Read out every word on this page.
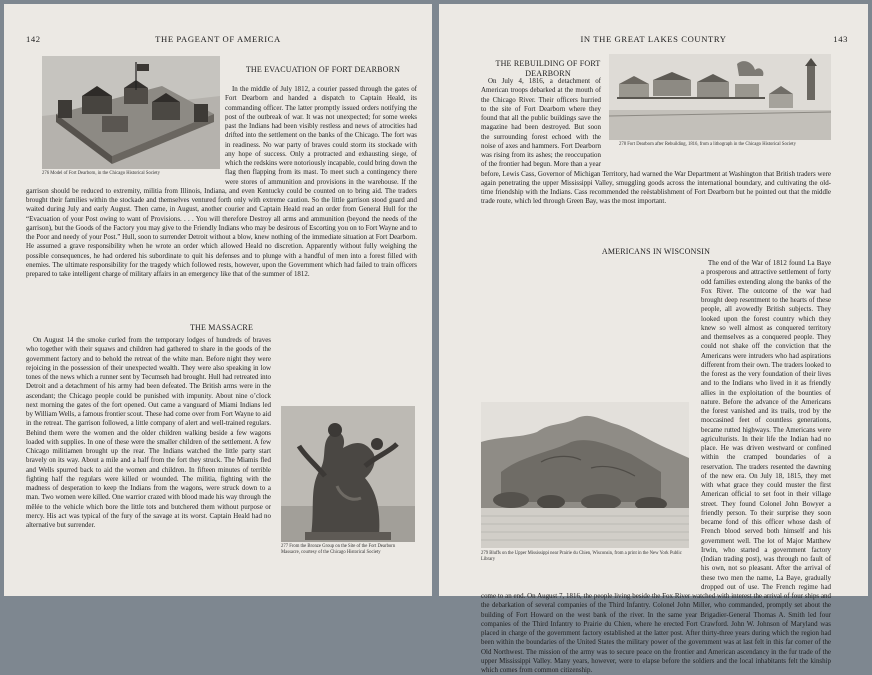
142	THE PAGEANT OF AMERICA
276 Model of Fort Dearborn, in the Chicago Historical Society
THE EVACUATION OF FORT DEARBORN

In the middle of July 1812, a courier passed through the gates of Fort Dearborn and handed a dispatch to Captain Heald, its commanding officer. The latter promptly issued orders notifying the post of the outbreak of war. It was not unexpected; for some weeks past the Indians had been visibly restless and news of atrocities had drifted into the settlement on the banks of the Chicago. The fort was in readiness. No war party of braves could storm its stockade with any hope of success. Only a protracted and exhausting siege, of which the redskins were notoriously incapable, could bring down the flag then flapping from its mast. To meet such a contingency there were stores of ammunition and provisions in the warehouse. If the garrison should be reduced to extremity, militia from Illinois, Indiana, and even Kentucky could be counted on to bring aid. The traders brought their families within the stockade and themselves ventured forth only with extreme caution. So the little garrison stood guard and waited during July and early August. Then came, in August, another courier and Captain Heald read an order from General Hull for the “Evacuation of your Post owing to want of Provisions. . . . You will therefore Destroy all arms and ammunition (beyond the needs of the garrison), but the Goods of the Factory you may give to the Friendly Indians who may be desirous of Escorting you on to Fort Wayne and to the Poor and needy of your Post.” Hull, soon to surrender Detroit without a blow, knew nothing of the immediate situation at Fort Dearborn. He assumed a grave responsibility when he wrote an order which allowed Heald no discretion. Apparently without fully weighing the possible consequences, he had ordered his subordinate to quit his defenses and to plunge with a handful of men into a forest filled with enemies. The ultimate responsibility for the tragedy which followed rests, however, upon the Government which had failed to train officers prepared to take intelligent charge of military affairs in an emergency like that of the summer of 1812.

THE MASSACRE

On August 14 the smoke curled from the temporary lodges of hundreds of braves who together with their squaws and children had gathered to share in the goods of the government factory and to behold the retreat of the white man. Before night they were rejoicing in the possession of their unexpected wealth. They were also speaking in low tones of the news which a runner sent by Tecumseh had brought. Hull had retreated into Detroit and a detachment of his army had been defeated. The British arms were in the ascendant; the Chicago people could be punished with impunity. About nine o’clock next morning the gates of the fort opened. Out came a vanguard of Miami Indians led by William Wells, a famous frontier scout. These had come over from Fort Wayne to aid in the retreat. The garrison followed, a little company of alert and well-trained regulars. Behind them were the women and the older children walking beside a few wagons loaded with supplies. In one of these were the smaller children of the settlement. A few Chicago militiamen brought up the rear. The Indians watched the little party start bravely on its way. About a mile and a half from the fort they struck. The Miamis fled and Wells spurred back to aid the women and children. In fifteen minutes of terrible fighting half the regulars were killed or wounded. The militia, fighting with the madness of desperation to keep the Indians from the wagons, were struck down to a man. Two women were killed. One warrior crazed with blood made his way through the mêlée to the vehicle which bore the little tots and butchered them without purpose or mercy. His act was typical of the fury of the savage at its worst. Captain Heald had no alternative but surrender.

277 From the Bronze Group on the Site of the Fort Dearborn Massacre, courtesy of the Chicago Historical Society
IN THE GREAT LAKES COUNTRY	143
THE REBUILDING OF FORT DEARBORN
278 Fort Dearborn after Rebuilding, 1816, from a lithograph in the Chicago Historical Society

On July 4, 1816, a detachment of American troops debarked at the mouth of the Chicago River. Their officers hurried to the site of Fort Dearborn where they found that all the public buildings save the magazine had been destroyed. But soon the surrounding forest echoed with the noise of axes and hammers. Fort Dearborn was rising from its ashes; the reoccupation of the frontier had begun. More than a year before, Lewis Cass, Governor of Michigan Territory, had warned the War Department at Washington that British traders were again penetrating the upper Mississippi Valley, smuggling goods across the international boundary, and cultivating the old-time friendship with the Indians. Cass recommended the reëstablishment of Fort Dearborn but he pointed out that the middle trade route, which led through Green Bay, was the most important.

AMERICANS IN WISCONSIN

The end of the War of 1812 found La Baye a prosperous and attractive settlement of forty odd families extending along the banks of the Fox River. The outcome of the war had brought deep resentment to the hearts of these people, all avowedly British subjects. They looked upon the forest country which they knew so well almost as conquered territory and themselves as a conquered people. They could not shake off the conviction that the Americans were intruders who had aspirations different from their own. The traders looked to the forest as the very foundation of their lives and to the Indians who lived in it as friendly allies in the exploitation of the bounties of nature. Before the advance of the Americans the forest vanished and its trails, trod by the moccasined feet of countless generations, became rutted highways. The Americans were agriculturists. In their life the Indian had no place. He was driven westward or confined within the cramped boundaries of a reservation. The traders resented the dawning of the new era. On July 18, 1815, they met with what grace they could muster the first American official to set foot in their village street. They found Colonel John Bowyer a friendly person. To their surprise they soon became fond of this officer whose dash of French blood served both himself and his government well. The lot of Major Matthew Irwin, who started a government factory (Indian trading post), was through no fault of his own, not so pleasant. After the arrival of these two men the name, La Baye, gradually dropped out of use. The French regime had come to an end. On August 7, 1816, the people living beside the Fox River watched with interest the arrival of four ships and the debarkation of several companies of the Third Infantry. Colonel John Miller, who commanded, promptly set about the building of Fort Howard on the west bank of the river. In the same year Brigadier-General Thomas A. Smith led four companies of the Third Infantry to Prairie du Chien, where he erected Fort Crawford. John W. Johnson of Maryland was placed in charge of the government factory established at the latter post. After thirty-three years during which the region had been within the boundaries of the United States the military power of the government was at last felt in this far corner of the Old Northwest. The mission of the army was to secure peace on the frontier and American ascendancy in the fur trade of the upper Mississippi Valley. Many years, however, were to elapse before the soldiers and the local inhabitants felt the kinship which comes from common citizenship.

279 Bluffs on the Upper Mississippi near Prairie du Chien, Wisconsin, from a print in the New York Public Library
